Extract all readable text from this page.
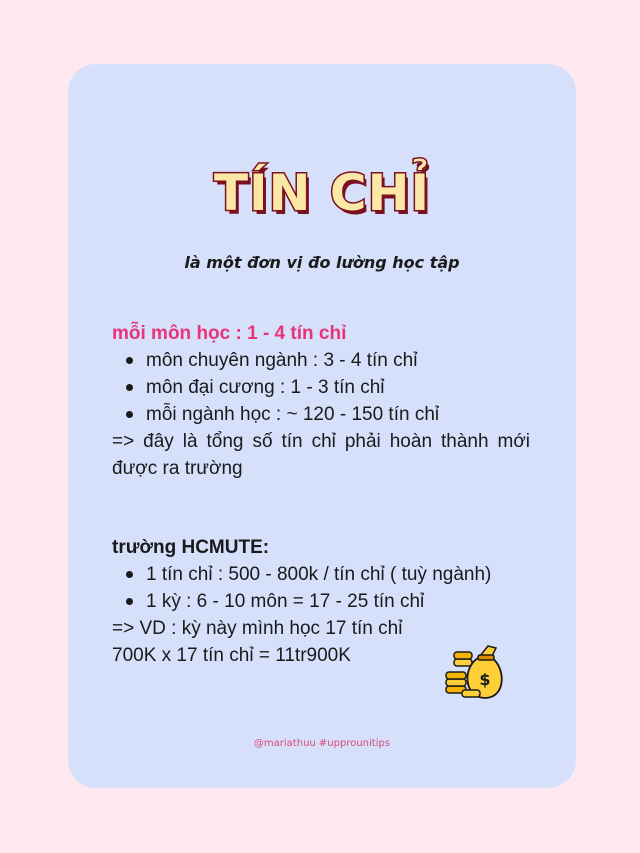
TÍN CHỈ
là một đơn vị đo lường học tập
mỗi môn học : 1 - 4 tín chỉ
môn chuyên ngành : 3 - 4 tín chỉ
môn đại cương : 1 - 3 tín chỉ
mỗi ngành học : ~ 120 - 150 tín chỉ
=> đây là tổng số tín chỉ phải hoàn thành mới được ra trường
trường HCMUTE:
1 tín chỉ : 500 - 800k / tín chỉ ( tuỳ ngành)
1 kỳ : 6 - 10 môn = 17 - 25 tín chỉ
=> VD : kỳ này mình học 17 tín chỉ
700K x 17 tín chỉ = 11tr900K
$
@mariathuu #upprounitips
